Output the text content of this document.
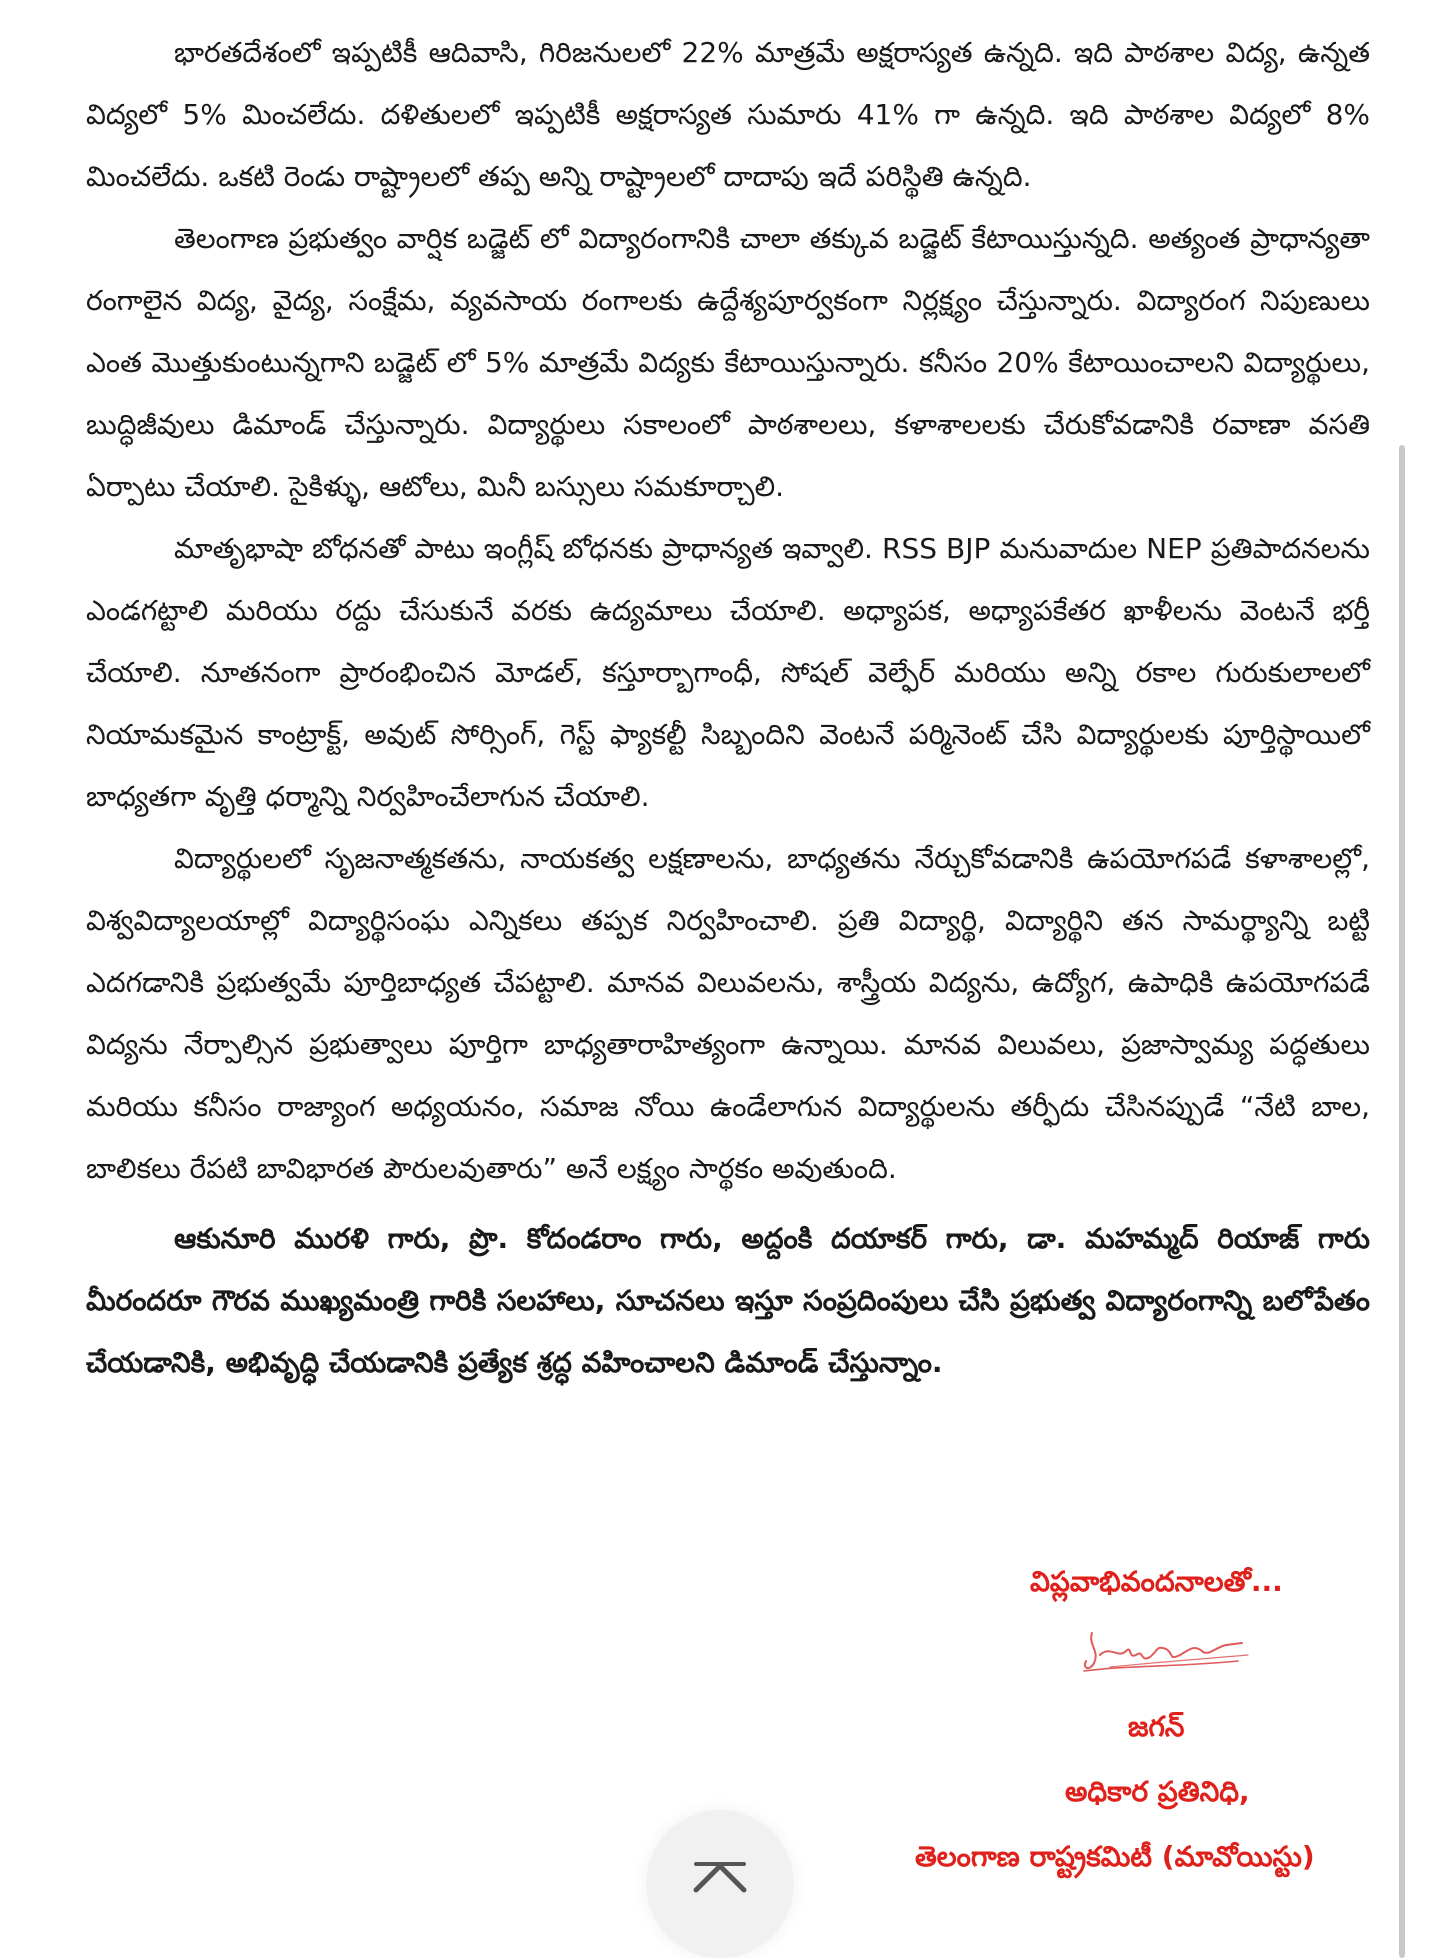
భారతదేశంలో ఇప్పటికీ ఆదివాసి, గిరిజనులలో 22% మాత్రమే అక్షరాస్యత ఉన్నది. ఇది పాఠశాల విద్య, ఉన్నత విద్యలో 5% మించలేదు. దళితులలో ఇప్పటికీ అక్షరాస్యత సుమారు 41% గా ఉన్నది. ఇది పాఠశాల విద్యలో 8% మించలేదు. ఒకటి రెండు రాష్ట్రాలలో తప్ప అన్ని రాష్ట్రాలలో దాదాపు ఇదే పరిస్థితి ఉన్నది.

తెలంగాణ ప్రభుత్వం వార్షిక బడ్జెట్ లో విద్యారంగానికి చాలా తక్కువ బడ్జెట్ కేటాయిస్తున్నది. అత్యంత ప్రాధాన్యతా రంగాలైన విద్య, వైద్య, సంక్షేమ, వ్యవసాయ రంగాలకు ఉద్దేశ్యపూర్వకంగా నిర్లక్ష్యం చేస్తున్నారు. విద్యారంగ నిపుణులు ఎంత మొత్తుకుంటున్నగాని బడ్జెట్ లో 5% మాత్రమే విద్యకు కేటాయిస్తున్నారు. కనీసం 20% కేటాయించాలని విద్యార్థులు, బుద్ధిజీవులు డిమాండ్ చేస్తున్నారు. విద్యార్థులు సకాలంలో పాఠశాలలు, కళాశాలలకు చేరుకోవడానికి రవాణా వసతి ఏర్పాటు చేయాలి. సైకిళ్ళు, ఆటోలు, మినీ బస్సులు సమకూర్చాలి.

మాతృభాషా బోధనతో పాటు ఇంగ్లీష్ బోధనకు ప్రాధాన్యత ఇవ్వాలి. RSS BJP మనువాదుల NEP ప్రతిపాదనలను ఎండగట్టాలి మరియు రద్దు చేసుకునే వరకు ఉద్యమాలు చేయాలి. అధ్యాపక, అధ్యాపకేతర ఖాళీలను వెంటనే భర్తీ చేయాలి. నూతనంగా ప్రారంభించిన మోడల్, కస్తూర్బాగాంధీ, సోషల్ వెల్ఫేర్ మరియు అన్ని రకాల గురుకులాలలో నియామకమైన కాంట్రాక్ట్, అవుట్ సోర్సింగ్, గెస్ట్ ఫ్యాకల్టీ సిబ్బందిని వెంటనే పర్మినెంట్ చేసి విద్యార్థులకు పూర్తిస్థాయిలో బాధ్యతగా వృత్తి ధర్మాన్ని నిర్వహించేలాగున చేయాలి.

విద్యార్థులలో సృజనాత్మకతను, నాయకత్వ లక్షణాలను, బాధ్యతను నేర్చుకోవడానికి ఉపయోగపడే కళాశాలల్లో, విశ్వవిద్యాలయాల్లో విద్యార్థిసంఘ ఎన్నికలు తప్పక నిర్వహించాలి. ప్రతి విద్యార్థి, విద్యార్థిని తన సామర్థ్యాన్ని బట్టి ఎదగడానికి ప్రభుత్వమే పూర్తిబాధ్యత చేపట్టాలి. మానవ విలువలను, శాస్త్రీయ విద్యను, ఉద్యోగ, ఉపాధికి ఉపయోగపడే విద్యను నేర్పాల్సిన ప్రభుత్వాలు పూర్తిగా బాధ్యతారాహిత్యంగా ఉన్నాయి. మానవ విలువలు, ప్రజాస్వామ్య పద్ధతులు మరియు కనీసం రాజ్యాంగ అధ్యయనం, సమాజ నోయి ఉండేలాగున విద్యార్థులను తర్ఫీదు చేసినప్పుడే “నేటి బాల, బాలికలు రేపటి బావిభారత పౌరులవుతారు” అనే లక్ష్యం సార్థకం అవుతుంది.

ఆకునూరి మురళి గారు, ప్రొ. కోదండరాం గారు, అద్దంకి దయాకర్ గారు, డా. మహమ్మద్ రియాజ్ గారు మీరందరూ గౌరవ ముఖ్యమంత్రి గారికి సలహాలు, సూచనలు ఇస్తూ సంప్రదింపులు చేసి ప్రభుత్వ విద్యారంగాన్ని బలోపేతం చేయడానికి, అభివృద్ధి చేయడానికి ప్రత్యేక శ్రద్ధ వహించాలని డిమాండ్ చేస్తున్నాం.

విప్లవాభివందనాలతో...
జగన్
అధికార ప్రతినిధి,
తెలంగాణ రాష్ట్రకమిటీ (మావోయిస్టు)
